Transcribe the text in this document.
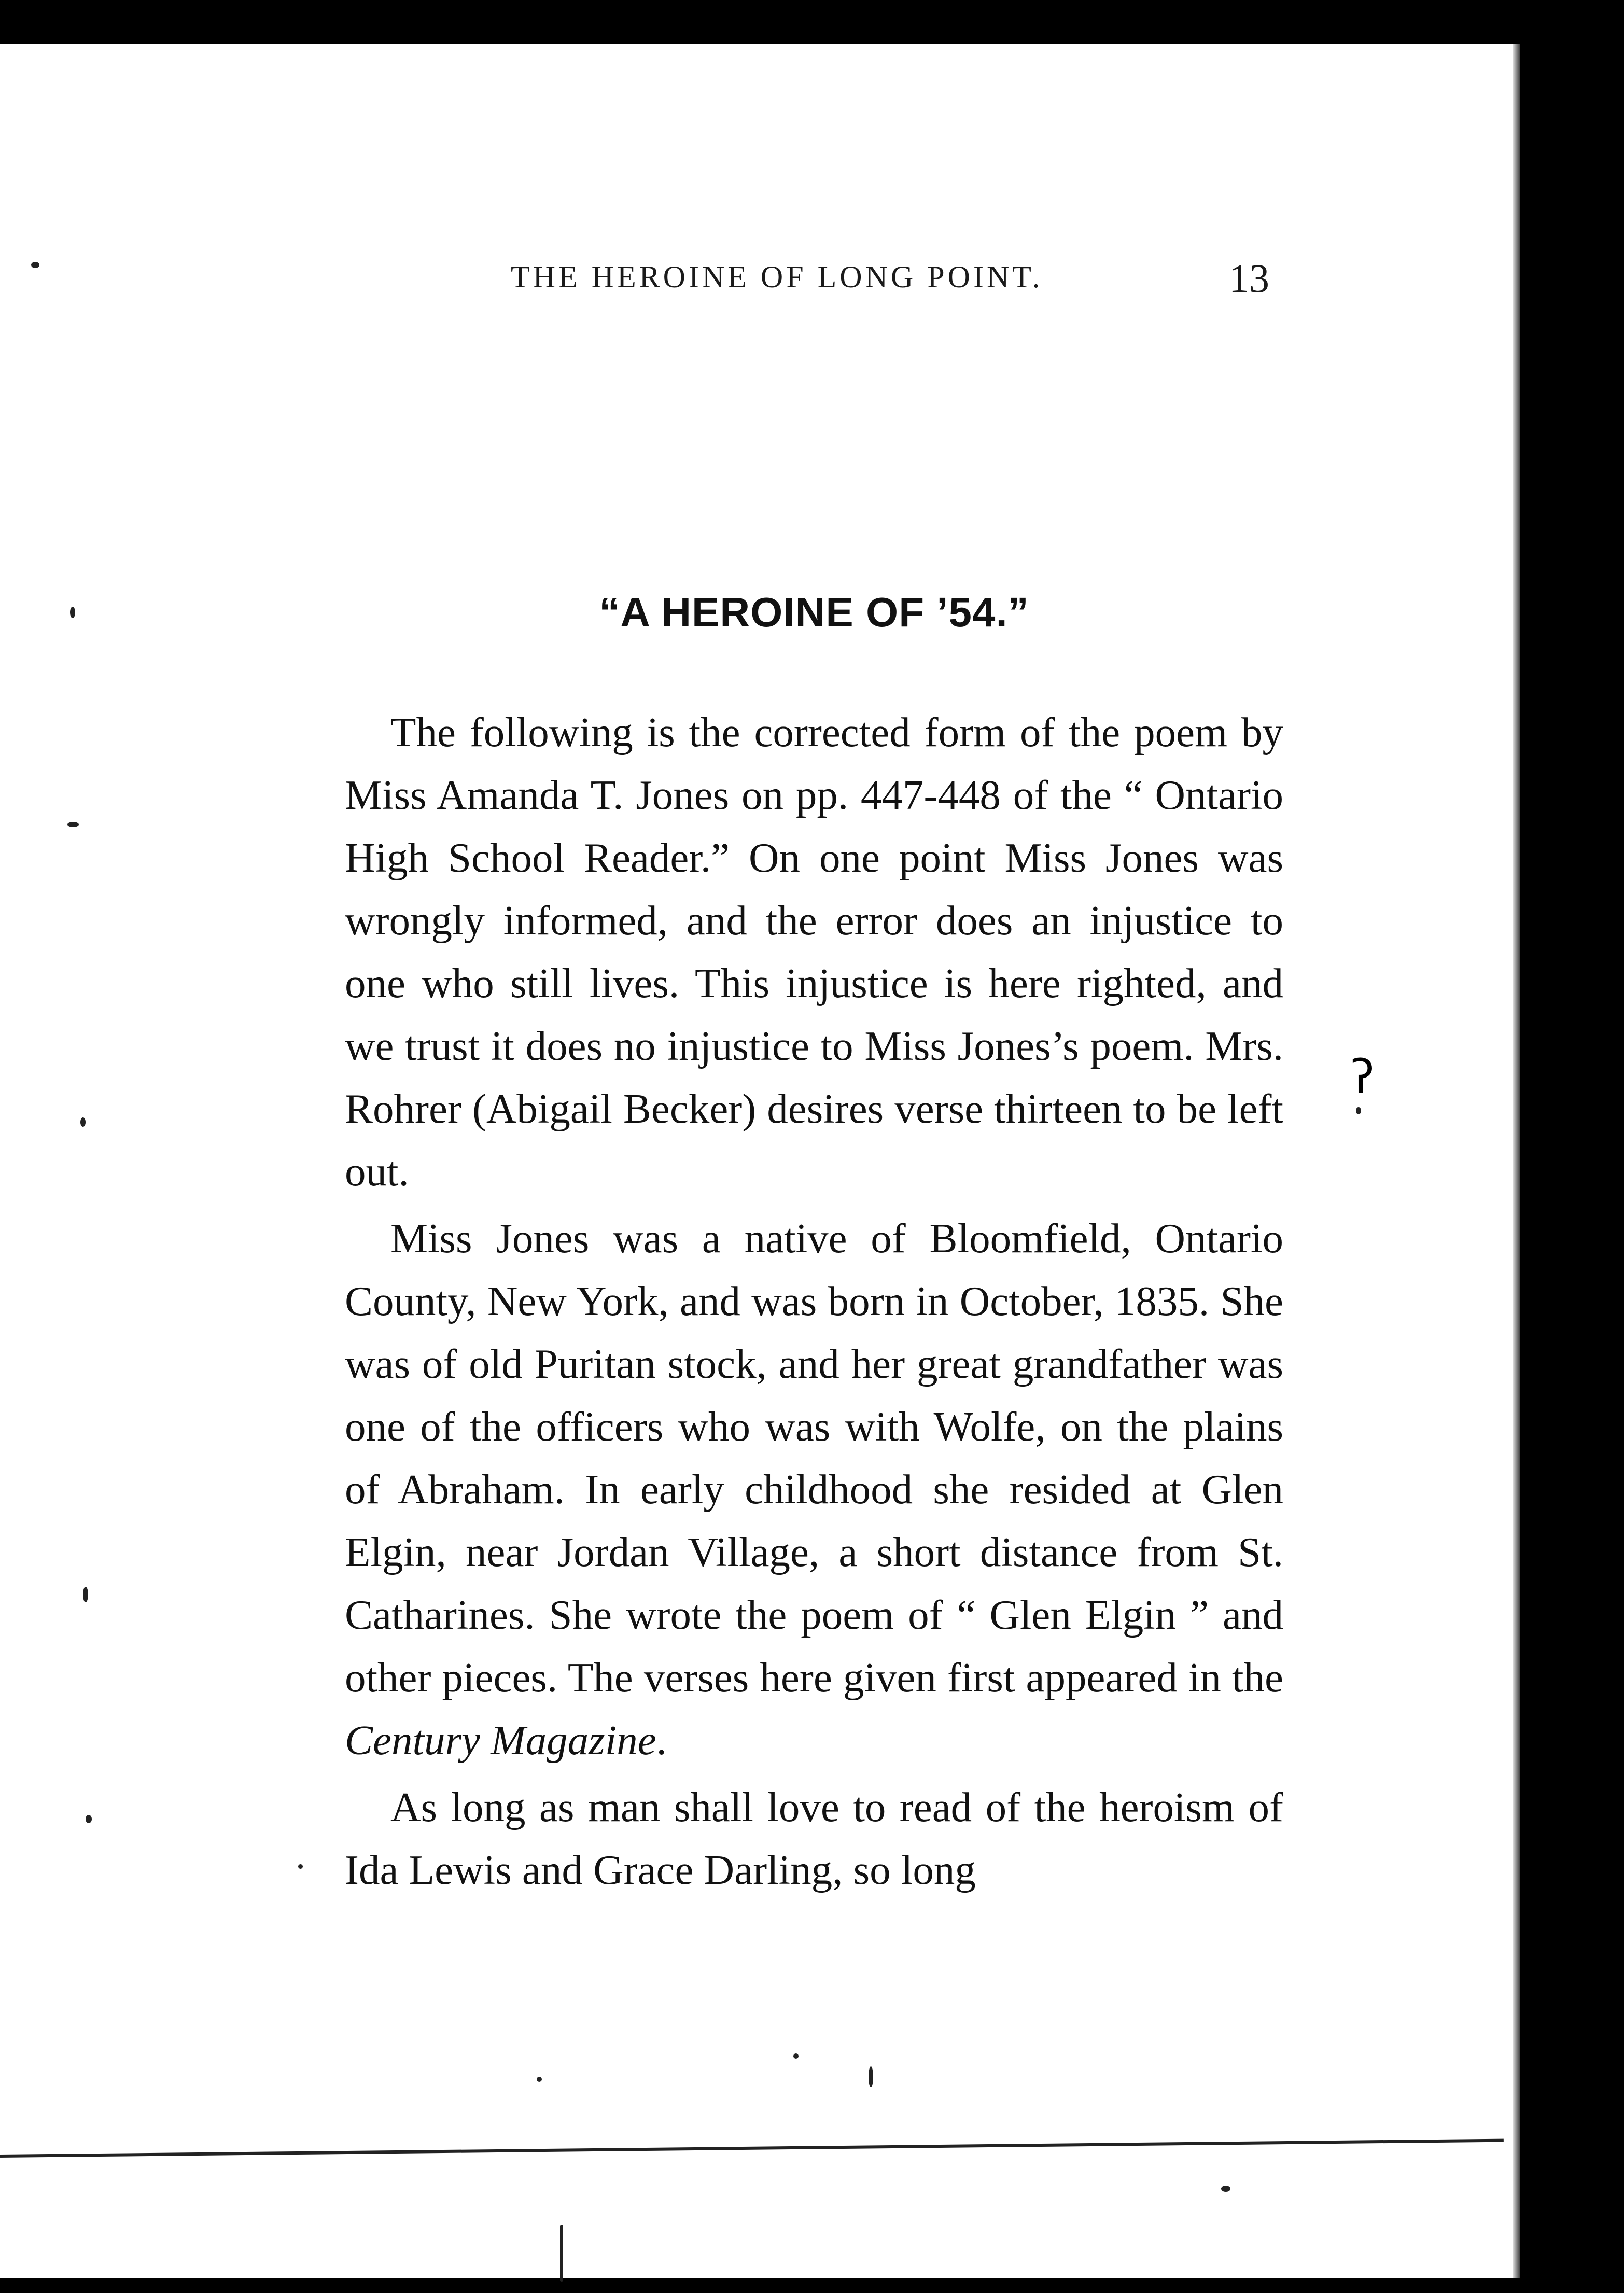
THE HEROINE OF LONG POINT.	13
“A HEROINE OF ’54.”

The following is the corrected form of the poem by Miss Amanda T. Jones on pp. 447-448 of the “ Ontario High School Reader.” On one point Miss Jones was wrongly informed, and the error does an injustice to one who still lives. This injustice is here righted, and we trust it does no injustice to Miss Jones’s poem. Mrs. Rohrer (Abigail Becker) desires verse thirteen to be left out.

Miss Jones was a native of Bloomfield, Ontario County, New York, and was born in October, 1835. She was of old Puritan stock, and her great grandfather was one of the officers who was with Wolfe, on the plains of Abraham. In early childhood she resided at Glen Elgin, near Jordan Village, a short distance from St. Catharines. She wrote the poem of “ Glen Elgin ” and other pieces. The verses here given first appeared in the Century Magazine.

As long as man shall love to read of the heroism of Ida Lewis and Grace Darling, so long

ʔ
